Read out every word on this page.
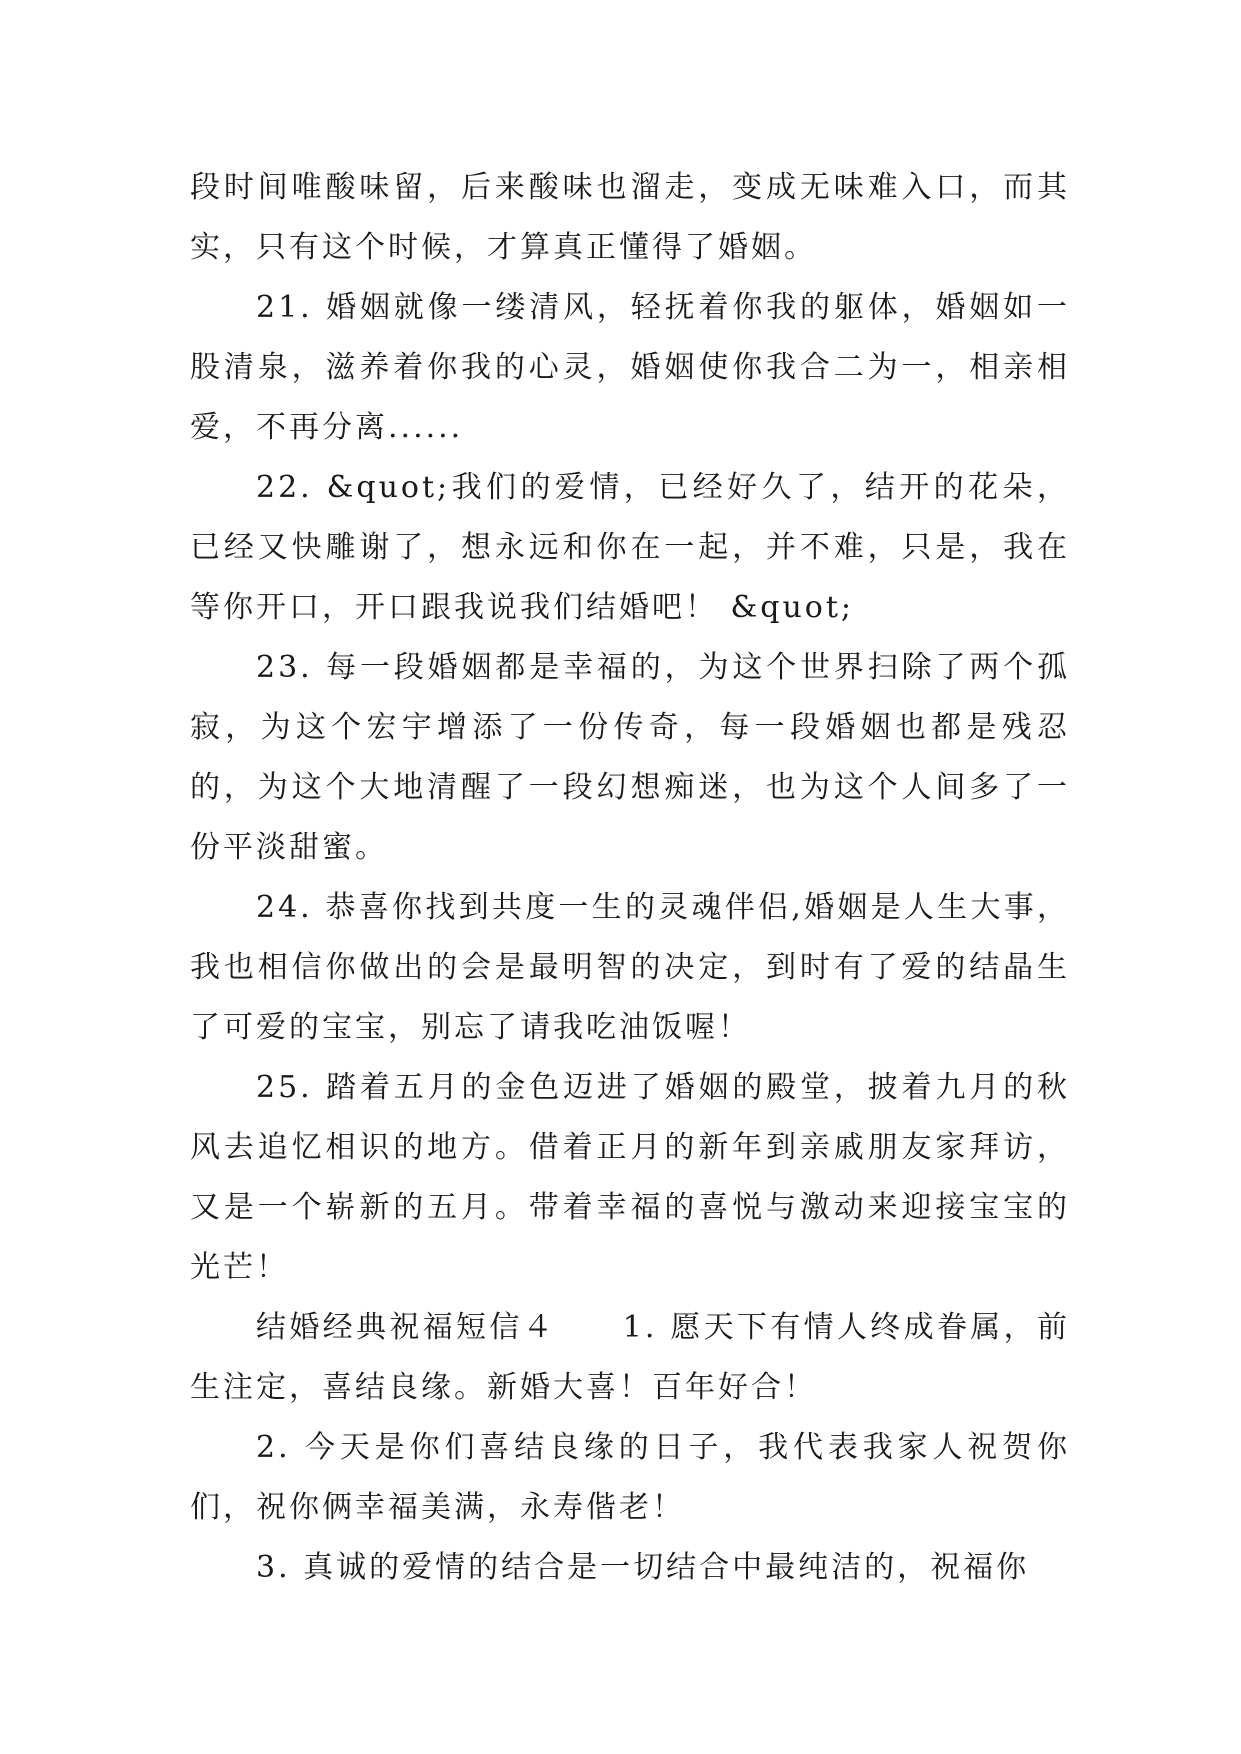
段时间唯酸味留，后来酸味也溜走，变成无味难入口，而其实，只有这个时候，才算真正懂得了婚姻。

21. 婚姻就像一缕清风，轻抚着你我的躯体，婚姻如一股清泉，滋养着你我的心灵，婚姻使你我合二为一，相亲相爱，不再分离......

22. &quot;我们的爱情，已经好久了，结开的花朵，已经又快雕谢了，想永远和你在一起，并不难，只是，我在等你开口，开口跟我说我们结婚吧！ &quot;

23. 每一段婚姻都是幸福的，为这个世界扫除了两个孤寂，为这个宏宇增添了一份传奇，每一段婚姻也都是残忍的，为这个大地清醒了一段幻想痴迷，也为这个人间多了一份平淡甜蜜。

24. 恭喜你找到共度一生的灵魂伴侣,婚姻是人生大事，我也相信你做出的会是最明智的决定，到时有了爱的结晶生了可爱的宝宝，别忘了请我吃油饭喔！

25. 踏着五月的金色迈进了婚姻的殿堂，披着九月的秋风去追忆相识的地方。借着正月的新年到亲戚朋友家拜访，又是一个崭新的五月。带着幸福的喜悦与激动来迎接宝宝的光芒！

结婚经典祝福短信４　　1. 愿天下有情人终成眷属，前生注定，喜结良缘。新婚大喜！百年好合！

2. 今天是你们喜结良缘的日子，我代表我家人祝贺你们，祝你俩幸福美满，永寿偕老！

3. 真诚的爱情的结合是一切结合中最纯洁的，祝福你
